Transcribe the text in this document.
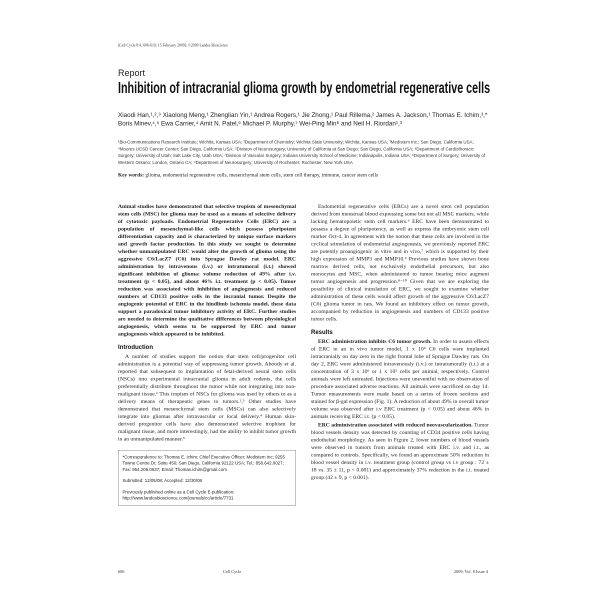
[Cell Cycle 8:4, 606-610; 15 February 2009]; ©2009 Landes Bioscience
Report
Inhibition of intracranial glioma growth by endometrial regenerative cells
Xiaodi Han,¹,²,⁹ Xiaolong Meng,¹ Zhenglian Yin,¹ Andrea Rogers,¹ Jie Zhong,¹ Paul Rillema,² James A. Jackson,¹ Thomas E. Ichim,³,* Boris Minev,⁴,⁵ Ewa Carrier,⁴ Amit N. Patel,⁶ Michael P. Murphy,⁷ Wei-Ping Min⁸ and Neil H. Riordan¹,³
¹Bio-Communications Research Institute; Wichita, Kansas USA; ²Department of Chemistry; Wichita State University; Wichita, Kansas USA; ³Medistem Inc.; San Diego, California USA; ⁴Moores UCSD Cancer Center; San Diego, California USA; ⁵Division of Neurosurgery; University of California at San Diego; San Diego, California USA; ⁶Department of Cardiothoracic Surgery; University of Utah; Salt Lake City, Utah USA; ⁷Division of Vascular Surgery; Indiana University School of Medicine; Indianapolis, Indiana USA; ⁸Department of Surgery; University of Western Ontario; London, Ontario CA; ⁹Department of Neurosurgery; University of Rochester; Rochester, New York USA
Key words: glioma, endometrial regenerative cells, mesenchymal stem cells, stem cell therapy, immune, cancer stem cells

Animal studies have demonstrated that selective tropism of mesenchymal stem cells (MSC) for glioma may be used as a means of selective delivery of cytotoxic payloads. Endometrial Regenerative Cells (ERC) are a population of mesenchymal-like cells which possess pluripotent differentiation capacity and is characterized by unique surface markers and growth factor production. In this study we sought to determine whether unmanipulated ERC would alter the growth of glioma using the aggressive C6/LacZ7 (C6) into Sprague Dawley rat model. ERC administration by intravenous (i.v.) or intratumoral (i.t.) showed significant inhibition of glioma: volume reduction of 49% after i.v. treatment (p < 0.05), and about 46% i.t. treatment (p < 0.05). Tumor reduction was associated with inhibition of angiogenesis and reduced numbers of CD133 positive cells in the incranial tumor. Despite the angiogenic potential of ERC in the hindlimb ischemia model, these data support a paradoxical tumor inhibitory activity of ERC. Further studies are needed to determine the qualitative differences between physiological angiogenesis, which seems to be supported by ERC and tumor angiogenesis which appeared to be inhibited.

Introduction

A number of studies support the notion that stem cell/progenitor cell administration is a potential way of suppressing tumor growth. Aboody et al. reported that subsequent to implantation of fetal-derived neural stem cells (NSCs) into experimental intracranial glioma in adult rodents, the cells preferentially distribute throughout the tumor while not integrating into non-malignant tissue.¹ This tropism of NSCs for glioma was used by others to as a delivery means of therapeutic genes to tumors.²,³ Other studies have demonstrated that mesenchymal stem cells (MSCs) can also selectively integrate into gliomas after intravascular or local delivery.⁴ Human skin-derived progenitor cells have also demonstrated selective trophism for malignant tissue, and more interestingly, had the ability to inhibit tumor growth in an unmanipulated manner.⁵

*Correspondence to: Thomas E. Ichim; Chief Executive Officer; Medistem Inc; 9255 Towne Centre Dr, Suite 450; San Diego, California 92122 USA; Tel.: 858.642.0027; Fax: 954.206.0637; Email: Thomas.ichim@gmail.com
Submitted: 12/05/08; Accepted: 12/30/08
Previously published online as a Cell Cycle E-publication:
http://www.landesbioscience.com/journals/cc/article/7731

Endometrial regenerative cells (ERCs) are a novel stem cell population derived from menstrual blood expressing some but not all MSC markers, while lacking hematopoietic stem cell markers.⁶ ERC have been demonstrated to possess a degree of pluripotency, as well as express the embryonic stem cell marker Oct-4. In agreement with the notion that these cells are involved in the cyclical stimulation of endometrial angiogenesis, we previously reported ERC are potently proangiogenic in vitro and in vivo,⁷ which is supported by their high expression of MMP3 and MMP10.⁶ Previous studies have shown bone marrow derived cells, not exclusively endothelial precursors, but also monocytes and MSC, when administered to tumor bearing mice augment tumor angiogenesis and progression.⁸⁻¹⁰ Given that we are exploring the possibility of clinical translation of ERC, we sought to examine whether administration of these cells would affect growth of the aggressive C6/LacZ7 (C6) glioma tumor in rats. We found an inhibitory effect on tumor growth, accompanied by reduction in angiogenesis and numbers of CD133 positive tumor cells.

Results

ERC administration inhibits C6 tumor growth. In order to assess effects of ERC in an in vivo tumor model, 1 x 10⁶ C6 cells were implanted intracranially on day zero in the right frontal lobe of Sprague Dawley rats. On day 2, ERC were administered intravenously (i.v.) or intratumorally (i.t.) at a concentration of 3 x 10⁶ or 1 x 10⁵ cells per animal, respectively. Control animals were left untreated. Injections were uneventful with no observation of procedure associated adverse reactions. All animals were sacrificed on day 14. Tumor measurements were made based on a series of frozen sections and stained for β-gal expression (Fig. 1). A reduction of about 49% in overall tumor volume was observed after i.v ERC treatment (p < 0.05) and about 46% in animals receiving ERC i.t. (p < 0.05).

ERC administration associated with reduced neovascularization. Tumor blood vessels density was detected by counting of CD34 positive cells having endothelial morphology. As seen in Figure 2, lower numbers of blood vessels were observed in tumors from animals treated with ERC i.v. and i.t., as compared to controls. Specifically, we found an approximate 50% reduction in blood vessel density in i.v. treatment group (control group vs i.v group : 72 ± 18 vs. 35 ± 11, p < 0.001) and approximately 37% reduction in the i.t. treated group (42 ± 9, p < 0.001).

606	Cell Cycle	2009; Vol. 8 Issue 4
